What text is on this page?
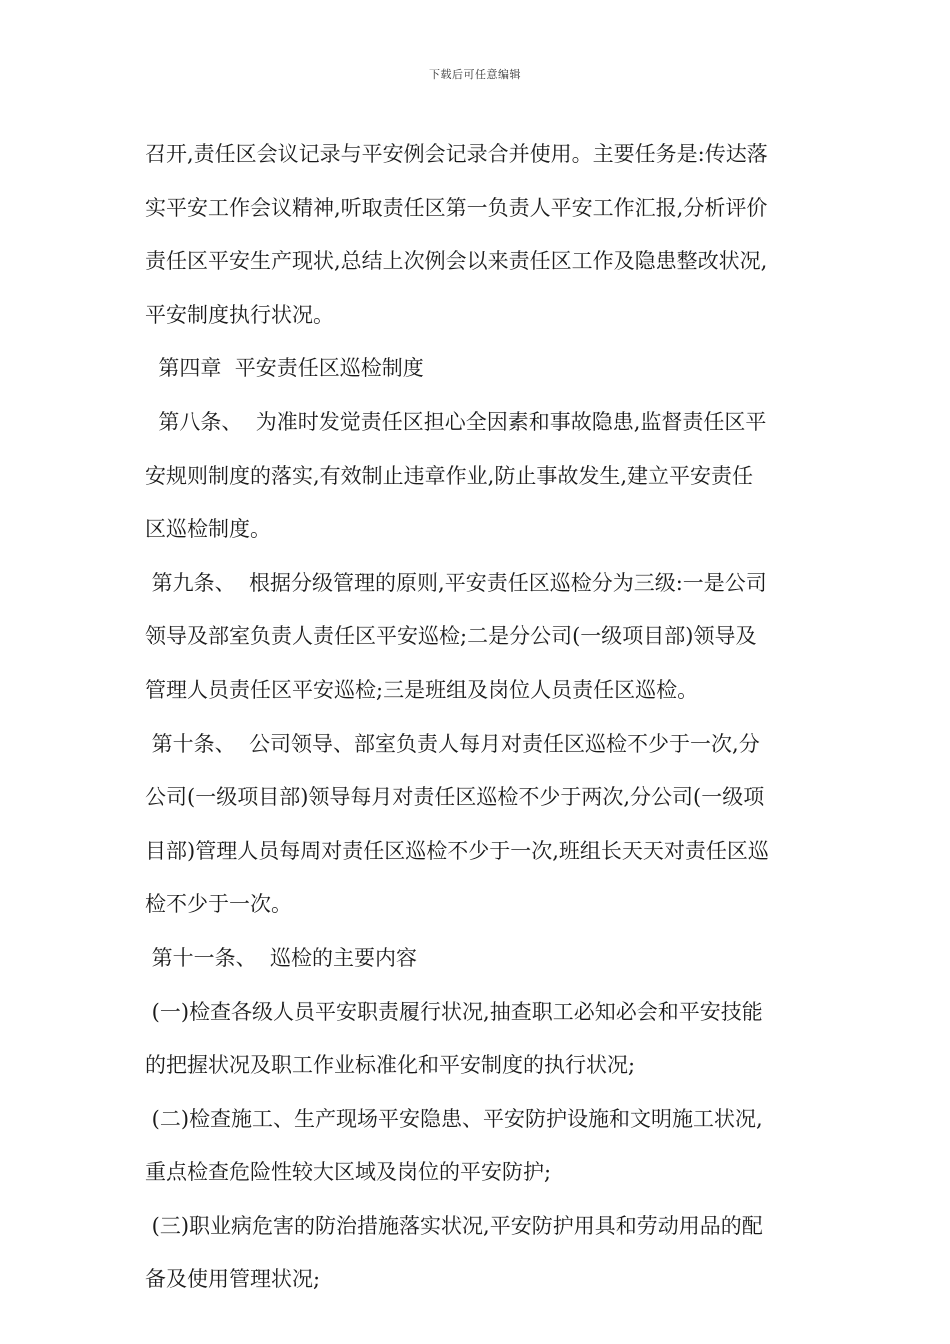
下载后可任意编辑
召开,责任区会议记录与平安例会记录合并使用。主要任务是:传达落
实平安工作会议精神,听取责任区第一负责人平安工作汇报,分析评价
责任区平安生产现状,总结上次例会以来责任区工作及隐患整改状况,
平安制度执行状况。
第四章  平安责任区巡检制度
第八条、  为准时发觉责任区担心全因素和事故隐患,监督责任区平
安规则制度的落实,有效制止违章作业,防止事故发生,建立平安责任
区巡检制度。
第九条、  根据分级管理的原则,平安责任区巡检分为三级:一是公司
领导及部室负责人责任区平安巡检;二是分公司(一级项目部)领导及
管理人员责任区平安巡检;三是班组及岗位人员责任区巡检。
第十条、  公司领导、部室负责人每月对责任区巡检不少于一次,分
公司(一级项目部)领导每月对责任区巡检不少于两次,分公司(一级项
目部)管理人员每周对责任区巡检不少于一次,班组长天天对责任区巡
检不少于一次。
第十一条、  巡检的主要内容
(一)检查各级人员平安职责履行状况,抽查职工必知必会和平安技能
的把握状况及职工作业标准化和平安制度的执行状况;
(二)检查施工、生产现场平安隐患、平安防护设施和文明施工状况,
重点检查危险性较大区域及岗位的平安防护;
(三)职业病危害的防治措施落实状况,平安防护用具和劳动用品的配
备及使用管理状况;
